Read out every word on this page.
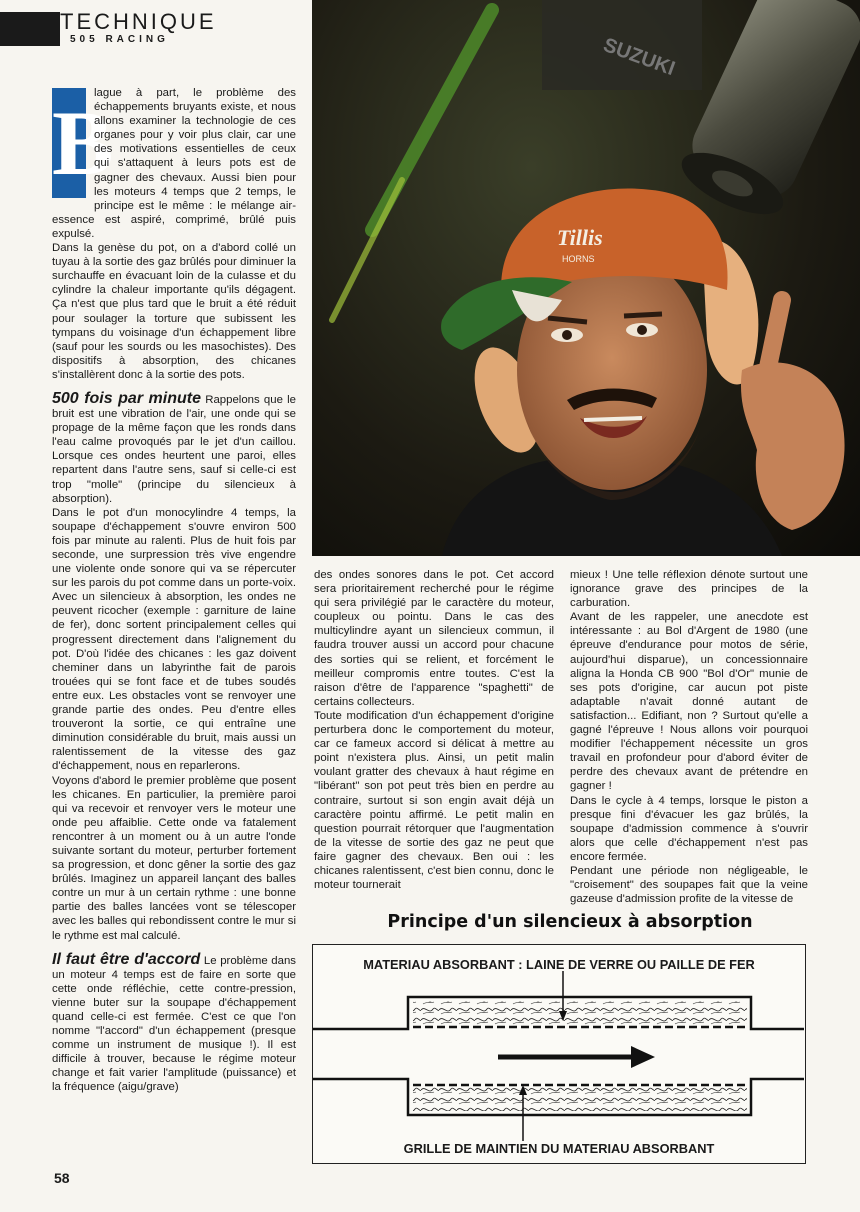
TECHNIQUE
505 RACING
B

lague à part, le problème des échappements bruyants existe, et nous allons examiner la technologie de ces organes pour y voir plus clair, car une des motivations essentielles de ceux qui s'attaquent à leurs pots est de gagner des chevaux. Aussi bien pour les moteurs 4 temps que 2 temps, le principe est le même : le mélange air-essence est aspiré, comprimé, brûlé puis expulsé.

Dans la genèse du pot, on a d'abord collé un tuyau à la sortie des gaz brûlés pour diminuer la surchauffe en évacuant loin de la culasse et du cylindre la chaleur importante qu'ils dégagent. Ça n'est que plus tard que le bruit a été réduit pour soulager la torture que subissent les tympans du voisinage d'un échappement libre (sauf pour les sourds ou les masochistes). Des dispositifs à absorption, des chicanes s'installèrent donc à la sortie des pots.

500 fois par minute Rappelons que le bruit est une vibration de l'air, une onde qui se propage de la même façon que les ronds dans l'eau calme provoqués par le jet d'un caillou. Lorsque ces ondes heurtent une paroi, elles repartent dans l'autre sens, sauf si celle-ci est trop "molle" (principe du silencieux à absorption).

Dans le pot d'un monocylindre 4 temps, la soupape d'échappement s'ouvre environ 500 fois par minute au ralenti. Plus de huit fois par seconde, une surpression très vive engendre une violente onde sonore qui va se répercuter sur les parois du pot comme dans un porte-voix. Avec un silencieux à absorption, les ondes ne peuvent ricocher (exemple : garniture de laine de fer), donc sortent principalement celles qui progressent directement dans l'alignement du pot. D'où l'idée des chicanes : les gaz doivent cheminer dans un labyrinthe fait de parois trouées qui se font face et de tubes soudés entre eux. Les obstacles vont se renvoyer une grande partie des ondes. Peu d'entre elles trouveront la sortie, ce qui entraîne une diminution considérable du bruit, mais aussi un ralentissement de la vitesse des gaz d'échappement, nous en reparlerons.

Voyons d'abord le premier problème que posent les chicanes. En particulier, la première paroi qui va recevoir et renvoyer vers le moteur une onde peu affaiblie. Cette onde va fatalement rencontrer à un moment ou à un autre l'onde suivante sortant du moteur, perturber fortement sa progression, et donc gêner la sortie des gaz brûlés. Imaginez un appareil lançant des balles contre un mur à un certain rythme : une bonne partie des balles lancées vont se télescoper avec les balles qui rebondissent contre le mur si le rythme est mal calculé.

Il faut être d'accord Le problème dans un moteur 4 temps est de faire en sorte que cette onde réfléchie, cette contre-pression, vienne buter sur la soupape d'échappement quand celle-ci est fermée. C'est ce que l'on nomme "l'accord" d'un échappement (presque comme un instrument de musique !). Il est difficile à trouver, because le régime moteur change et fait varier l'amplitude (puissance) et la fréquence (aigu/grave)

SUZUKI
Tillis
HORNS

des ondes sonores dans le pot. Cet accord sera prioritairement recherché pour le régime qui sera privilégié par le caractère du moteur, coupleux ou pointu. Dans le cas des multicylindre ayant un silencieux commun, il faudra trouver aussi un accord pour chacune des sorties qui se relient, et forcément le meilleur compromis entre toutes. C'est la raison d'être de l'apparence "spaghetti" de certains collecteurs.

Toute modification d'un échappement d'origine perturbera donc le comportement du moteur, car ce fameux accord si délicat à mettre au point n'existera plus. Ainsi, un petit malin voulant gratter des chevaux à haut régime en "libérant" son pot peut très bien en perdre au contraire, surtout si son engin avait déjà un caractère pointu affirmé. Le petit malin en question pourrait rétorquer que l'augmentation de la vitesse de sortie des gaz ne peut que faire gagner des chevaux. Ben oui : les chicanes ralentissent, c'est bien connu, donc le moteur tournerait

mieux ! Une telle réflexion dénote surtout une ignorance grave des principes de la carburation.

Avant de les rappeler, une anecdote est intéressante : au Bol d'Argent de 1980 (une épreuve d'endurance pour motos de série, aujourd'hui disparue), un concessionnaire aligna la Honda CB 900 "Bol d'Or" munie de ses pots d'origine, car aucun pot piste adaptable n'avait donné autant de satisfaction... Edifiant, non ? Surtout qu'elle a gagné l'épreuve ! Nous allons voir pourquoi modifier l'échappement nécessite un gros travail en profondeur pour d'abord éviter de perdre des chevaux avant de prétendre en gagner !

Dans le cycle à 4 temps, lorsque le piston a presque fini d'évacuer les gaz brûlés, la soupape d'admission commence à s'ouvrir alors que celle d'échappement n'est pas encore fermée.

Pendant une période non négligeable, le "croisement" des soupapes fait que la veine gazeuse d'admission profite de la vitesse de

Principe d'un silencieux à absorption
MATERIAU ABSORBANT : LAINE DE VERRE OU PAILLE DE FER
GRILLE DE MAINTIEN DU MATERIAU ABSORBANT
58
